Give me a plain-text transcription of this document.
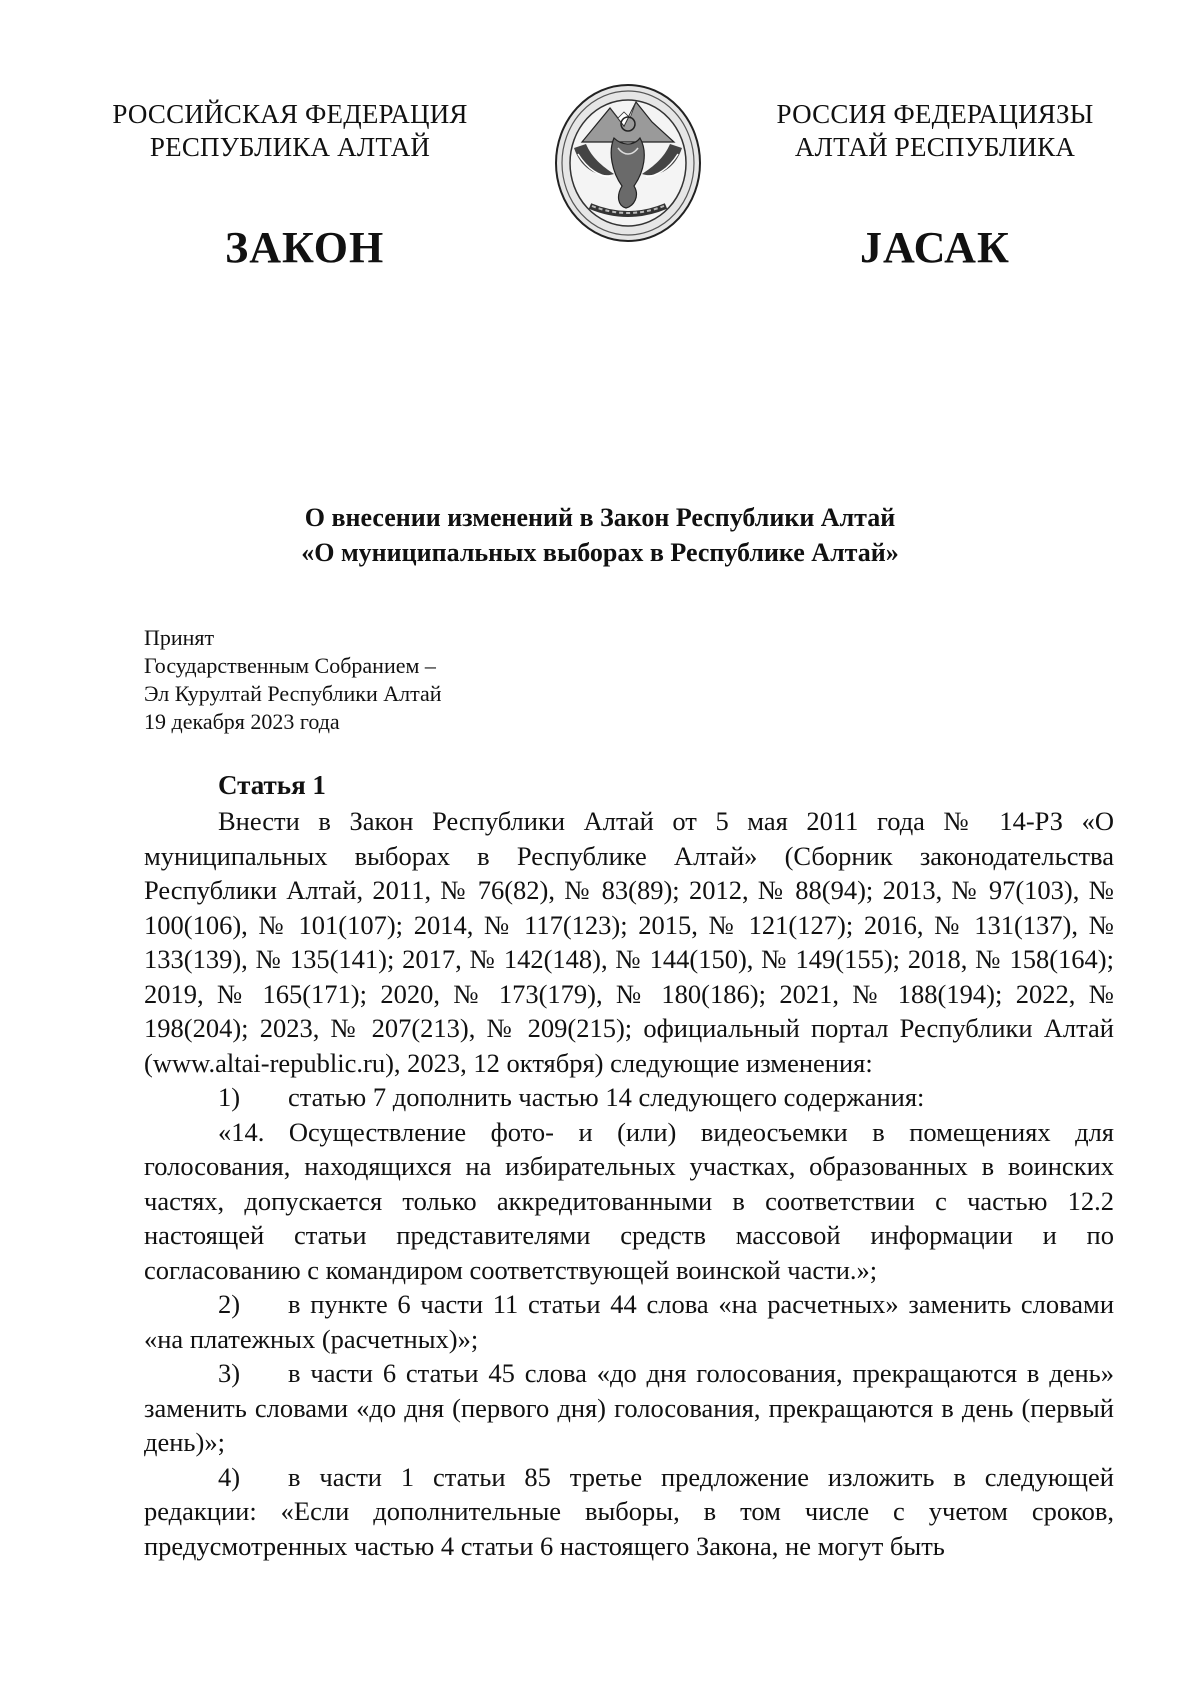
РОССИЙСКАЯ ФЕДЕРАЦИЯ
РЕСПУБЛИКА АЛТАЙ
РОССИЯ ФЕДЕРАЦИЯЗЫ
АЛТАЙ РЕСПУБЛИКА
ЗАКОН	JАСАК
О внесении изменений в Закон Республики Алтай
«О муниципальных выборах в Республике Алтай»
Принят
Государственным Собранием –
Эл Курултай Республики Алтай
19 декабря 2023 года
Статья 1

Внести в Закон Республики Алтай от 5 мая 2011 года № 14-РЗ «О муниципальных выборах в Республике Алтай» (Сборник законодательства Республики Алтай, 2011, № 76(82), № 83(89); 2012, № 88(94); 2013, № 97(103), № 100(106), № 101(107); 2014, № 117(123); 2015, № 121(127); 2016, № 131(137), № 133(139), № 135(141); 2017, № 142(148), № 144(150), № 149(155); 2018, № 158(164); 2019, № 165(171); 2020, № 173(179), № 180(186); 2021, № 188(194); 2022, № 198(204); 2023, № 207(213), № 209(215); официальный портал Республики Алтай (www.altai-republic.ru), 2023, 12 октября) следующие изменения:

1)	статью 7 дополнить частью 14 следующего содержания:

«14. Осуществление фото- и (или) видеосъемки в помещениях для голосования, находящихся на избирательных участках, образованных в воинских частях, допускается только аккредитованными в соответствии с частью 12.2 настоящей статьи представителями средств массовой информации и по согласованию с командиром соответствующей воинской части.»;

2) в пункте 6 части 11 статьи 44 слова «на расчетных» заменить словами «на платежных (расчетных)»;

3) в части 6 статьи 45 слова «до дня голосования, прекращаются в день» заменить словами «до дня (первого дня) голосования, прекращаются в день (первый день)»;

4) в части 1 статьи 85 третье предложение изложить в следующей редакции: «Если дополнительные выборы, в том числе с учетом сроков, предусмотренных частью 4 статьи 6 настоящего Закона, не могут быть
